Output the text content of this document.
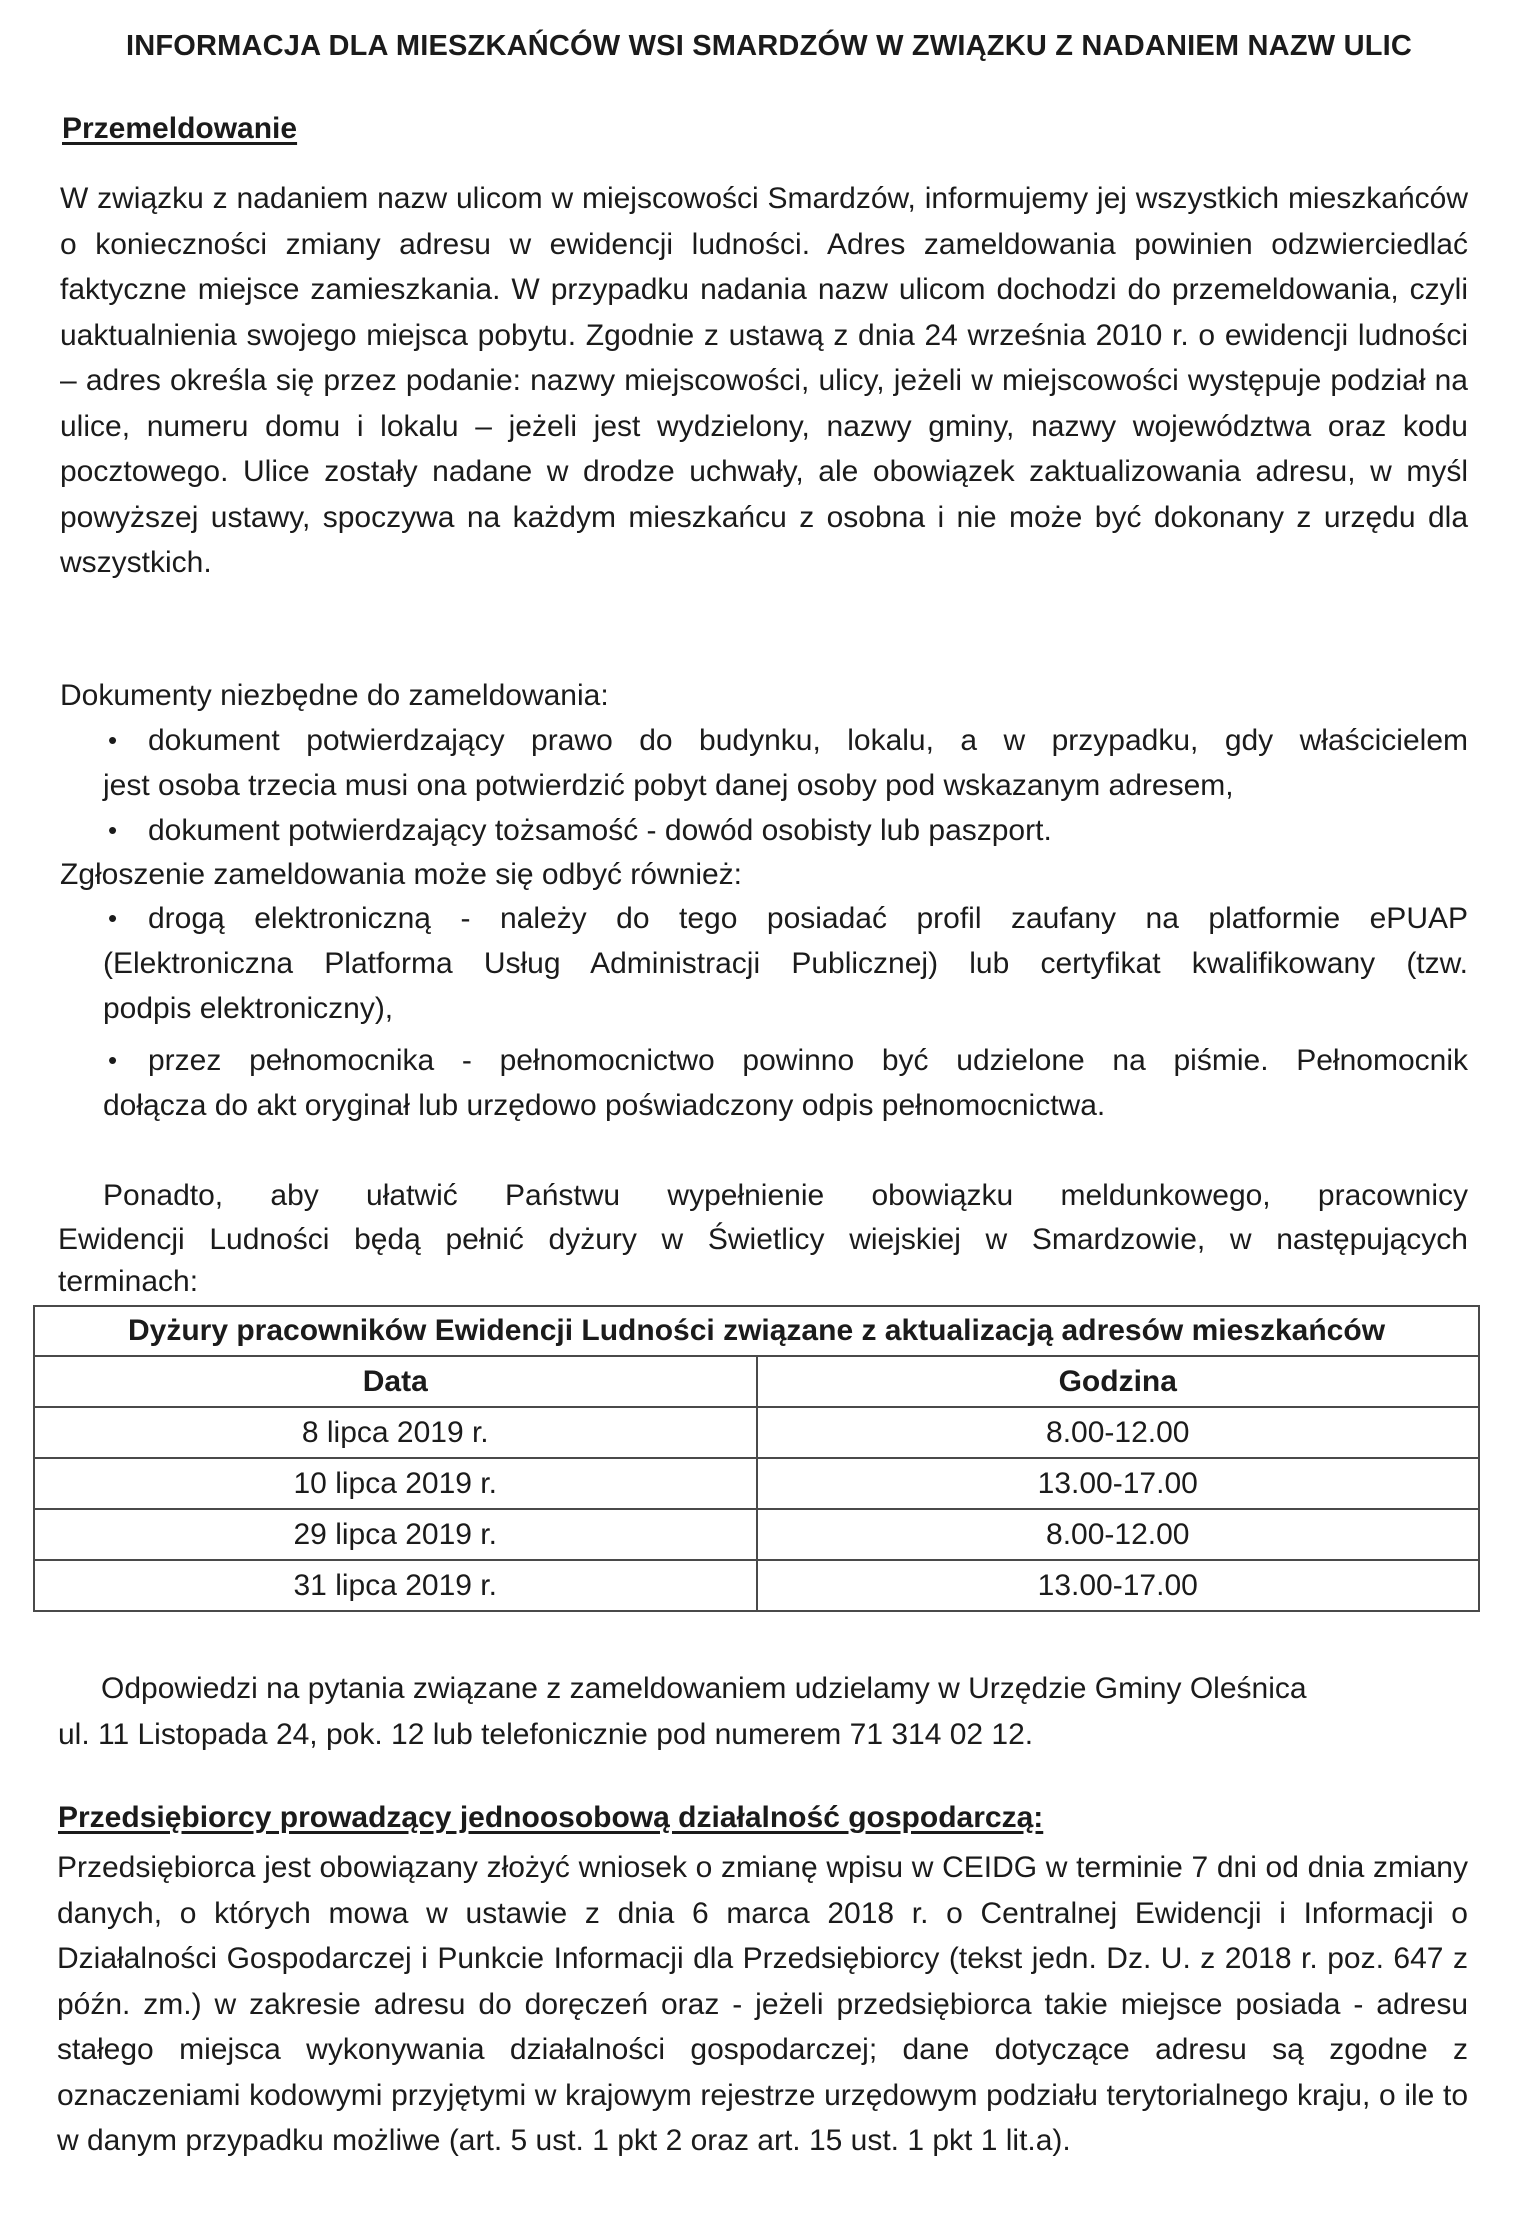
INFORMACJA DLA MIESZKAŃCÓW WSI SMARDZÓW W ZWIĄZKU Z NADANIEM NAZW ULIC
Przemeldowanie
W związku z nadaniem nazw ulicom w miejscowości Smardzów, informujemy jej wszystkich mieszkańców o konieczności zmiany adresu w ewidencji ludności. Adres zameldowania powinien odzwierciedlać faktyczne miejsce zamieszkania. W przypadku nadania nazw ulicom dochodzi do przemeldowania, czyli uaktualnienia swojego miejsca pobytu. Zgodnie z ustawą z dnia 24 września 2010 r. o ewidencji ludności – adres określa się przez podanie: nazwy miejscowości, ulicy, jeżeli w miejscowości występuje podział na ulice, numeru domu i lokalu – jeżeli jest wydzielony, nazwy gminy, nazwy województwa oraz kodu pocztowego. Ulice zostały nadane w drodze uchwały, ale obowiązek zaktualizowania adresu, w myśl powyższej ustawy, spoczywa na każdym mieszkańcu z osobna i nie może być dokonany z urzędu dla wszystkich.
Dokumenty niezbędne do zameldowania:
• dokument potwierdzający prawo do budynku, lokalu, a w przypadku, gdy właścicielem
jest osoba trzecia musi ona potwierdzić pobyt danej osoby pod wskazanym adresem,
• dokument potwierdzający tożsamość - dowód osobisty lub paszport.
Zgłoszenie zameldowania może się odbyć również:
• drogą elektroniczną - należy do tego posiadać profil zaufany na platformie ePUAP
(Elektroniczna Platforma Usług Administracji Publicznej) lub certyfikat kwalifikowany (tzw.
podpis elektroniczny),
• przez pełnomocnika - pełnomocnictwo powinno być udzielone na piśmie. Pełnomocnik
dołącza do akt oryginał lub urzędowo poświadczony odpis pełnomocnictwa.
Ponadto, aby ułatwić Państwu wypełnienie obowiązku meldunkowego, pracownicy
Ewidencji Ludności będą pełnić dyżury w Świetlicy wiejskiej w Smardzowie, w następujących
terminach:
Dyżury pracowników Ewidencji Ludności związane z aktualizacją adresów mieszkańców	
Data	Godzina
8 lipca 2019 r.	8.00-12.00
10 lipca 2019 r.	13.00-17.00
29 lipca 2019 r.	8.00-12.00
31 lipca 2019 r.	13.00-17.00
Odpowiedzi na pytania związane z zameldowaniem udzielamy w Urzędzie Gminy Oleśnica
ul. 11 Listopada 24, pok. 12 lub telefonicznie pod numerem 71 314 02 12.
Przedsiębiorcy prowadzący jednoosobową działalność gospodarczą:
Przedsiębiorca jest obowiązany złożyć wniosek o zmianę wpisu w CEIDG w terminie 7 dni od dnia zmiany danych, o których mowa w ustawie z dnia 6 marca 2018 r. o Centralnej Ewidencji i Informacji o Działalności Gospodarczej i Punkcie Informacji dla Przedsiębiorcy (tekst jedn. Dz. U. z 2018 r. poz. 647 z późn. zm.) w zakresie adresu do doręczeń oraz - jeżeli przedsiębiorca takie miejsce posiada - adresu stałego miejsca wykonywania działalności gospodarczej; dane dotyczące adresu są zgodne z oznaczeniami kodowymi przyjętymi w krajowym rejestrze urzędowym podziału terytorialnego kraju, o ile to w danym przypadku możliwe (art. 5 ust. 1 pkt 2 oraz art. 15 ust. 1 pkt 1 lit.a).
